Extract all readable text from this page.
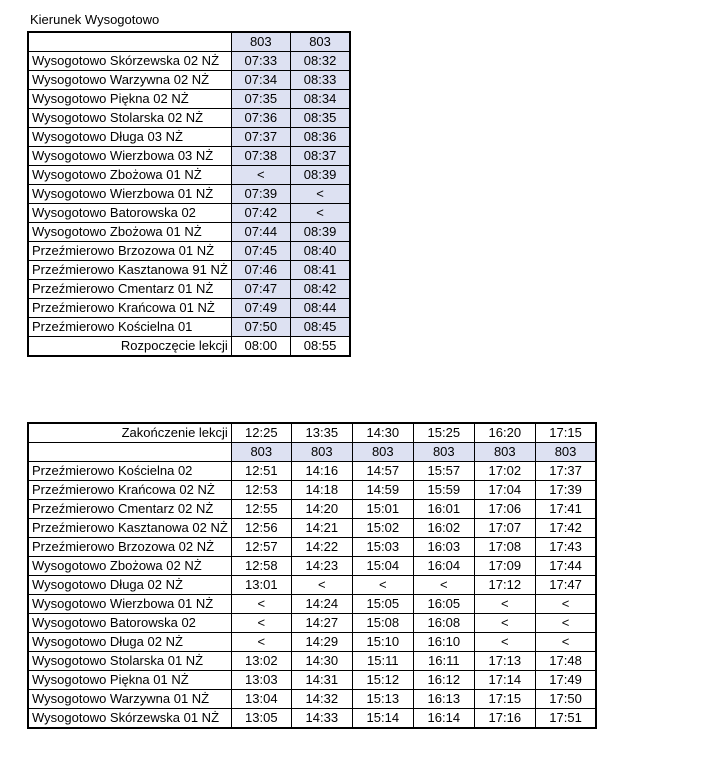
Kierunek Wysogotowo
	803	803
Wysogotowo Skórzewska 02 NŻ	07:33	08:32
Wysogotowo Warzywna 02 NŻ	07:34	08:33
Wysogotowo Piękna 02 NŻ	07:35	08:34
Wysogotowo Stolarska 02 NŻ	07:36	08:35
Wysogotowo Długa 03 NŻ	07:37	08:36
Wysogotowo Wierzbowa 03 NŻ	07:38	08:37
Wysogotowo Zbożowa 01 NŻ	<	08:39
Wysogotowo Wierzbowa 01 NŻ	07:39	<
Wysogotowo Batorowska 02	07:42	<
Wysogotowo Zbożowa 01 NŻ	07:44	08:39
Przeźmierowo Brzozowa 01 NŻ	07:45	08:40
Przeźmierowo Kasztanowa 91 NŻ	07:46	08:41
Przeźmierowo Cmentarz 01 NŻ	07:47	08:42
Przeźmierowo Krańcowa 01 NŻ	07:49	08:44
Przeźmierowo Kościelna 01	07:50	08:45
Rozpoczęcie lekcji	08:00	08:55
Zakończenie lekcji	12:25	13:35	14:30	15:25	16:20	17:15
	803	803	803	803	803	803
Przeźmierowo Kościelna 02	12:51	14:16	14:57	15:57	17:02	17:37
Przeźmierowo Krańcowa 02 NŻ	12:53	14:18	14:59	15:59	17:04	17:39
Przeźmierowo Cmentarz 02 NŻ	12:55	14:20	15:01	16:01	17:06	17:41
Przeźmierowo Kasztanowa 02 NŻ	12:56	14:21	15:02	16:02	17:07	17:42
Przeźmierowo Brzozowa 02 NŻ	12:57	14:22	15:03	16:03	17:08	17:43
Wysogotowo Zbożowa 02 NŻ	12:58	14:23	15:04	16:04	17:09	17:44
Wysogotowo Długa 02 NŻ	13:01	<	<	<	17:12	17:47
Wysogotowo Wierzbowa 01 NŻ	<	14:24	15:05	16:05	<	<
Wysogotowo Batorowska 02	<	14:27	15:08	16:08	<	<
Wysogotowo Długa 02 NŻ	<	14:29	15:10	16:10	<	<
Wysogotowo Stolarska 01 NŻ	13:02	14:30	15:11	16:11	17:13	17:48
Wysogotowo Piękna 01 NŻ	13:03	14:31	15:12	16:12	17:14	17:49
Wysogotowo Warzywna 01 NŻ	13:04	14:32	15:13	16:13	17:15	17:50
Wysogotowo Skórzewska 01 NŻ	13:05	14:33	15:14	16:14	17:16	17:51
